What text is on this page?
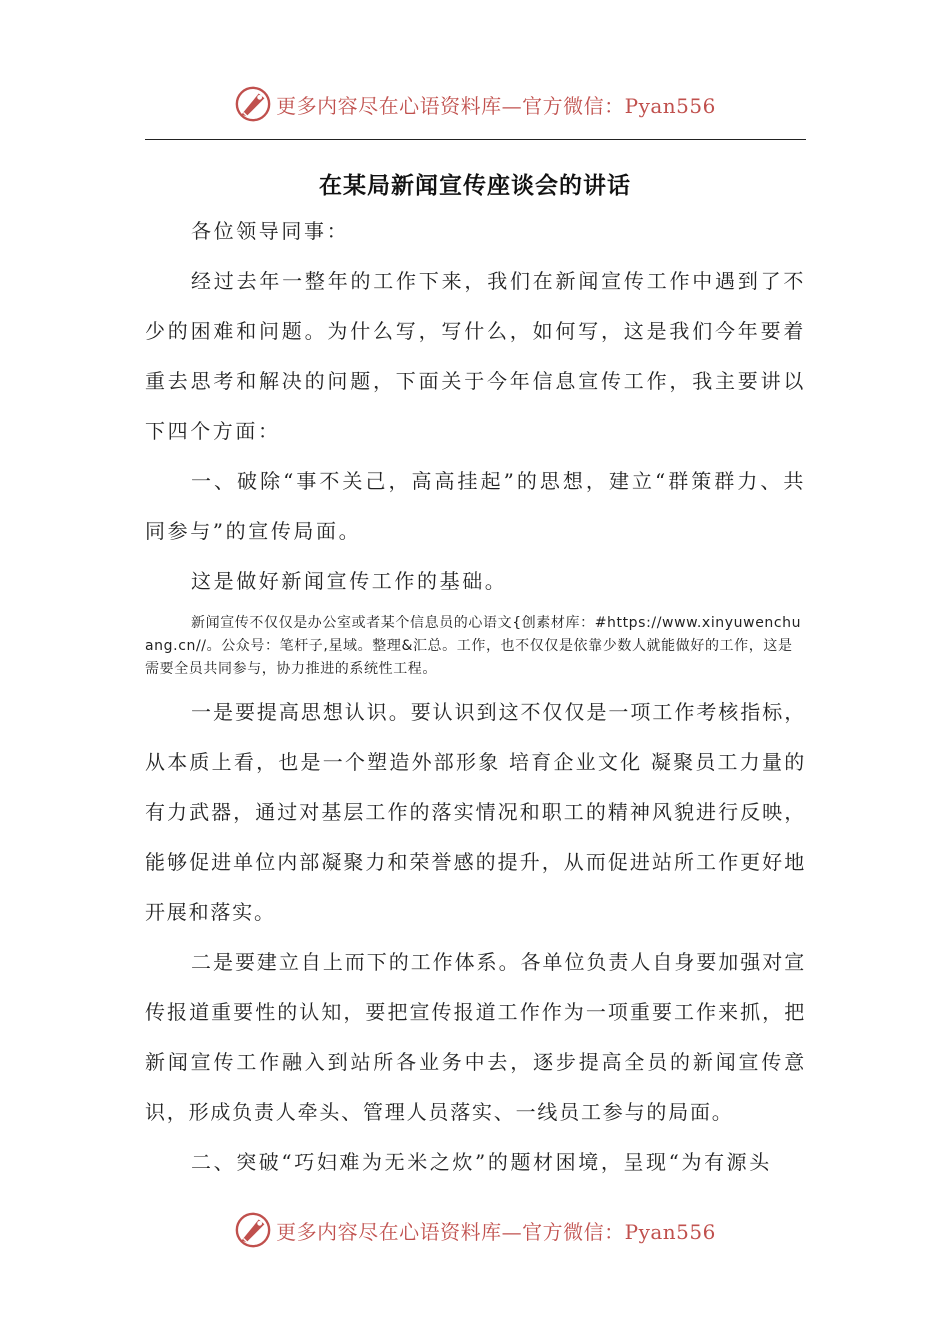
更多内容尽在心语资料库—官方微信：Pyan556
在某局新闻宣传座谈会的讲话

各位领导同事：

经过去年一整年的工作下来，我们在新闻宣传工作中遇到了不少的困难和问题。为什么写，写什么，如何写，这是我们今年要着重去思考和解决的问题，下面关于今年信息宣传工作，我主要讲以下四个方面：

一、破除“事不关己，高高挂起”的思想，建立“群策群力、共同参与”的宣传局面。

这是做好新闻宣传工作的基础。

新闻宣传不仅仅是办公室或者某个信息员的心语文{创素材库：#https://www.xinyuwenchuang.cn//。公众号：笔杆子,星域。整理&汇总。工作，也不仅仅是依靠少数人就能做好的工作，这是需要全员共同参与，协力推进的系统性工程。

一是要提高思想认识。要认识到这不仅仅是一项工作考核指标，从本质上看，也是一个塑造外部形象 培育企业文化 凝聚员工力量的有力武器，通过对基层工作的落实情况和职工的精神风貌进行反映，能够促进单位内部凝聚力和荣誉感的提升，从而促进站所工作更好地开展和落实。

二是要建立自上而下的工作体系。各单位负责人自身要加强对宣传报道重要性的认知，要把宣传报道工作作为一项重要工作来抓，把新闻宣传工作融入到站所各业务中去，逐步提高全员的新闻宣传意识，形成负责人牵头、管理人员落实、一线员工参与的局面。

二、突破“巧妇难为无米之炊”的题材困境，呈现“为有源头

更多内容尽在心语资料库—官方微信：Pyan556
